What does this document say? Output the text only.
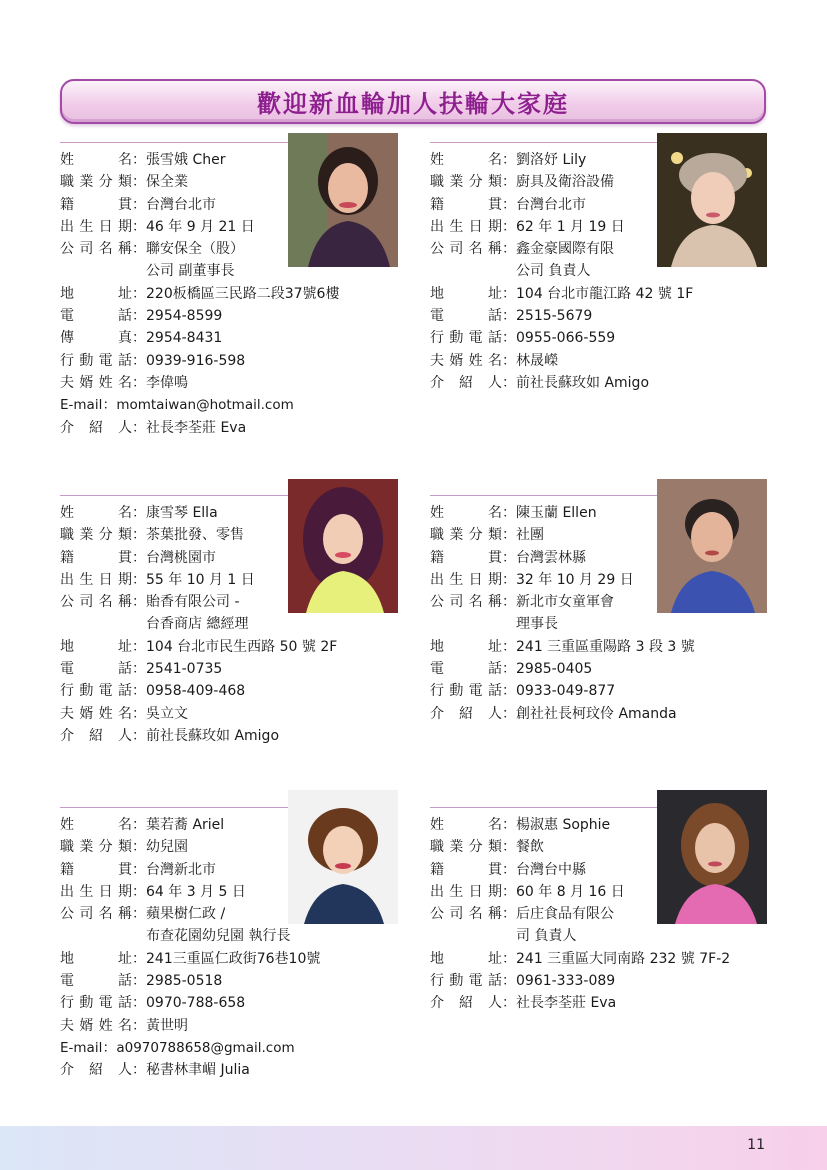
歡迎新血輪加人扶輪大家庭
姓　名 ： 張雪娥 Cher
職業分類 ： 保全業
籍　貫 ： 台灣台北市
出生日期 ： 46 年 9 月 21 日
公司名稱 ： 聯安保全（股）
公司 副董事長
地　址 ： 220板橋區三民路二段37號6樓
電　話 ： 2954-8599
傳　真 ： 2954-8431
行動電話 ： 0939-916-598
夫婿姓名 ： 李偉鳴
E-mail ： momtaiwan@hotmail.com
介紹人 ： 社長李荃莊 Eva
姓　名 ： 劉洛妤 Lily
職業分類 ： 廚具及衛浴設備
籍　貫 ： 台灣台北市
出生日期 ： 62 年 1 月 19 日
公司名稱 ： 鑫金豪國際有限
公司 負責人
地　址 ： 104 台北市龍江路 42 號 1F
電　話 ： 2515-5679
行動電話 ： 0955-066-559
夫婿姓名 ： 林晟嶸
介紹人 ： 前社長蘇玫如 Amigo
姓　名 ： 康雪琴 Ella
職業分類 ： 茶葉批發、零售
籍　貫 ： 台灣桃園市
出生日期 ： 55 年 10 月 1 日
公司名稱 ： 貽香有限公司 -
台香商店 總經理
地　址 ： 104 台北市民生西路 50 號 2F
電　話 ： 2541-0735
行動電話 ： 0958-409-468
夫婿姓名 ： 吳立文
介紹人 ： 前社長蘇玫如 Amigo
姓　名 ： 陳玉蘭 Ellen
職業分類 ： 社團
籍　貫 ： 台灣雲林縣
出生日期 ： 32 年 10 月 29 日
公司名稱 ： 新北市女童軍會
理事長
地　址 ： 241 三重區重陽路 3 段 3 號
電　話 ： 2985-0405
行動電話 ： 0933-049-877
介紹人 ： 創社社長柯玟伶 Amanda
姓　名 ： 葉若蕎 Ariel
職業分類 ： 幼兒園
籍　貫 ： 台灣新北市
出生日期 ： 64 年 3 月 5 日
公司名稱 ： 蘋果樹仁政 /
布查花園幼兒園 執行長
地　址 ： 241三重區仁政街76巷10號
電　話 ： 2985-0518
行動電話 ： 0970-788-658
夫婿姓名 ： 黃世明
E-mail ： a0970788658@gmail.com
介紹人 ： 秘書林聿嵋 Julia
姓　名 ： 楊淑惠 Sophie
職業分類 ： 餐飲
籍　貫 ： 台灣台中縣
出生日期 ： 60 年 8 月 16 日
公司名稱 ： 后庄食品有限公
司 負責人
地　址 ： 241 三重區大同南路 232 號 7F-2
行動電話 ： 0961-333-089
介紹人 ： 社長李荃莊 Eva
11
